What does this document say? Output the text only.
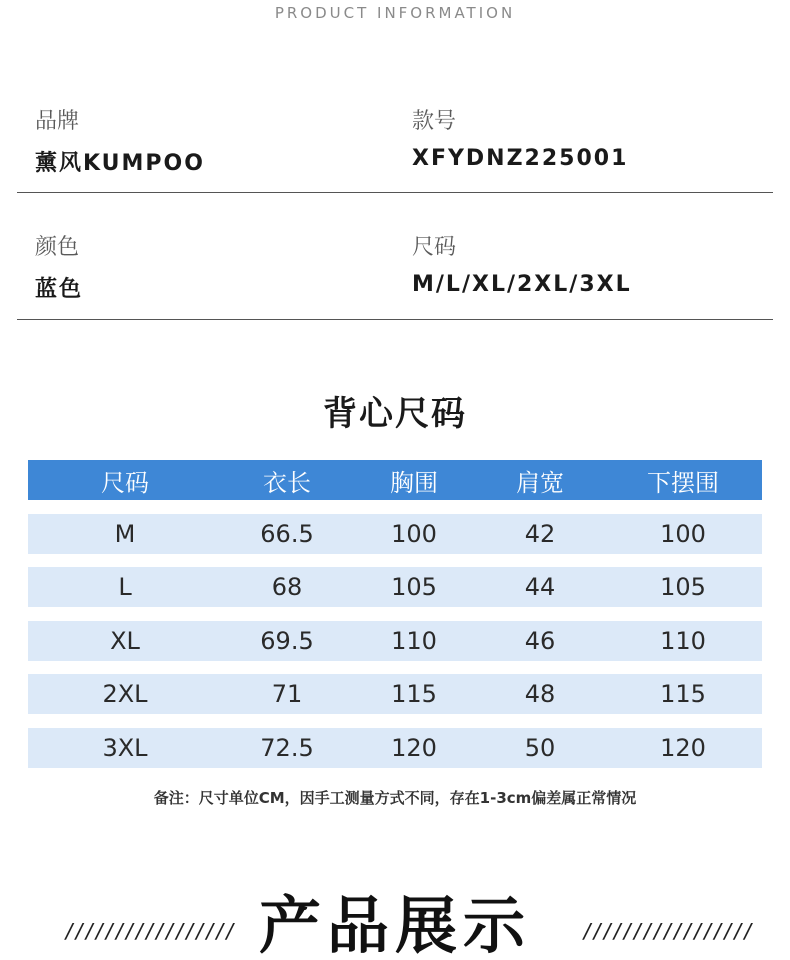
PRODUCT INFORMATION
品牌
薰风KUMPOO
款号
XFYDNZ225001
颜色
蓝色
尺码
M/L/XL/2XL/3XL
背心尺码
尺码	衣长	胸围	肩宽	下摆围
M	66.5	100	42	100
L	68	105	44	105
XL	69.5	110	46	110
2XL	71	115	48	115
3XL	72.5	120	50	120
备注：尺寸单位CM，因手工测量方式不同，存在1-3cm偏差属正常情况
///////////////// 产品展示	/////////////////
